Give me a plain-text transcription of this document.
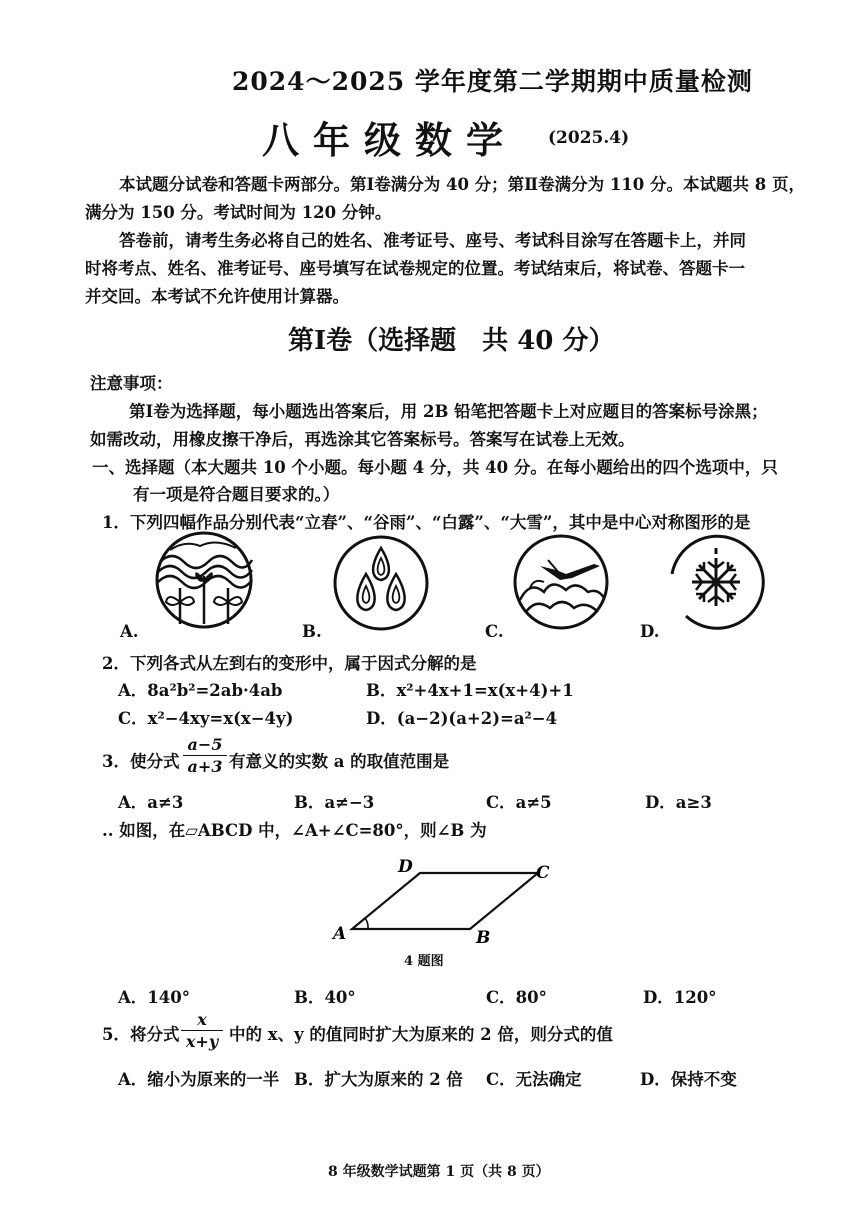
2024～2025 学年度第二学期期中质量检测
八年级数学 (2025.4)
本试题分试卷和答题卡两部分。第Ⅰ卷满分为 40 分；第Ⅱ卷满分为 110 分。本试题共 8 页，
满分为 150 分。考试时间为 120 分钟。
答卷前，请考生务必将自己的姓名、准考证号、座号、考试科目涂写在答题卡上，并同
时将考点、姓名、准考证号、座号填写在试卷规定的位置。考试结束后，将试卷、答题卡一
并交回。本考试不允许使用计算器。
第Ⅰ卷（选择题　共 40 分）
注意事项：
第Ⅰ卷为选择题，每小题选出答案后，用 2B 铅笔把答题卡上对应题目的答案标号涂黑；
如需改动，用橡皮擦干净后，再选涂其它答案标号。答案写在试卷上无效。
一、选择题（本大题共 10 个小题。每小题 4 分，共 40 分。在每小题给出的四个选项中，只
有一项是符合题目要求的。）
1．下列四幅作品分别代表“立春”、“谷雨”、“白露”、“大雪”，其中是中心对称图形的是
A.	B.	C.	D.
2．下列各式从左到右的变形中，属于因式分解的是
A．8a²b²=2ab·4ab	B．x²+4x+1=x(x+4)+1
C．x²−4xy=x(x−4y)	D．(a−2)(a+2)=a²−4
3．使分式
a−5
a+3 有意义的实数 a 的取值范围是
A．a≠3	B．a≠−3	C．a≠5	D．a≥3
.. 如图，在▱ABCD 中，∠A+∠C=80°，则∠B 为
A	B
C
D
4 题图
A．140°	B．40°	C．80°	D．120°
5．将分式
x
x+y 中的 x、y 的值同时扩大为原来的 2 倍，则分式的值
A．缩小为原来的一半 B．扩大为原来的 2 倍 C．无法确定	D．保持不变
8 年级数学试题第 1 页（共 8 页）
